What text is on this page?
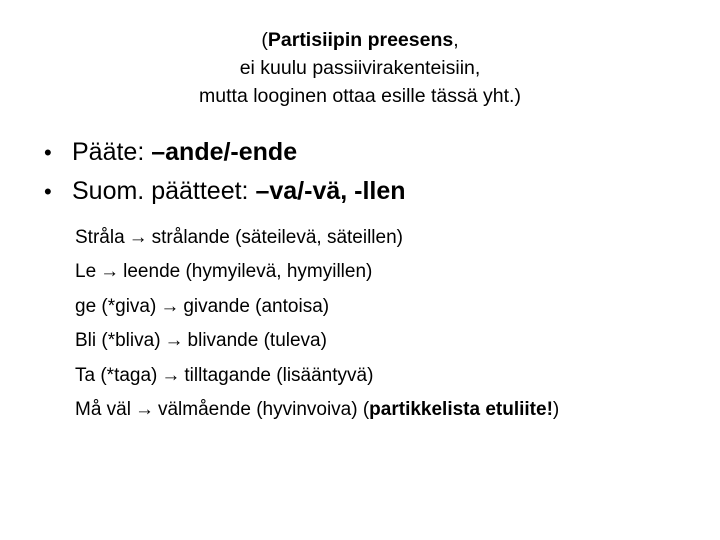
(Partisiipin preesens,
ei kuulu passiivirakenteisiin,
mutta looginen ottaa esille tässä yht.)
• Pääte:
–ande/-ende
• Suom. päätteet:
–va/-vä, -llen
Stråla → strålande (säteilevä, säteillen)
Le → leende (hymyilevä, hymyillen)
ge (*giva) → givande (antoisa)
Bli (*bliva) → blivande (tuleva)
Ta (*taga) → tilltagande (lisääntyvä)
Må väl → välmående (hyvinvoiva) (partikkelista etuliite!)
